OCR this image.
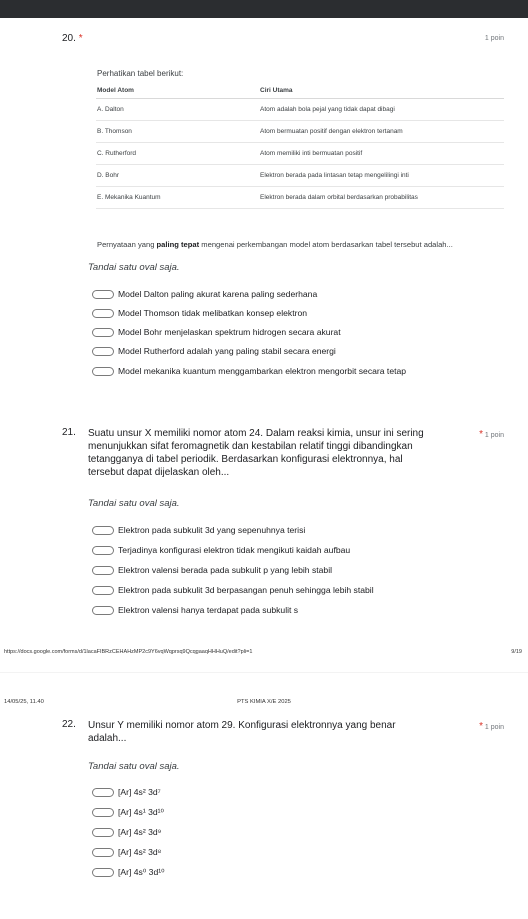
20. *	1 poin
Perhatikan tabel berikut:
Model Atom	Ciri Utama
A. Dalton	Atom adalah bola pejal yang tidak dapat dibagi
B. Thomson	Atom bermuatan positif dengan elektron tertanam
C. Rutherford	Atom memiliki inti bermuatan positif
D. Bohr	Elektron berada pada lintasan tetap mengelilingi inti
E. Mekanika Kuantum	Elektron berada dalam orbital berdasarkan probabilitas
Pernyataan yang paling tepat mengenai perkembangan model atom berdasarkan tabel tersebut adalah...
Tandai satu oval saja.
Model Dalton paling akurat karena paling sederhana
Model Thomson tidak melibatkan konsep elektron
Model Bohr menjelaskan spektrum hidrogen secara akurat
Model Rutherford adalah yang paling stabil secara energi
Model mekanika kuantum menggambarkan elektron mengorbit secara tetap
21. Suatu unsur X memiliki nomor atom 24. Dalam reaksi kimia, unsur ini sering
menunjukkan sifat feromagnetik dan kestabilan relatif tinggi dibandingkan
tetangganya di tabel periodik. Berdasarkan konfigurasi elektronnya, hal
tersebut dapat dijelaskan oleh...
* 1 poin
Tandai satu oval saja.
Elektron pada subkulit 3d yang sepenuhnya terisi
Terjadinya konfigurasi elektron tidak mengikuti kaidah aufbau
Elektron valensi berada pada subkulit p yang lebih stabil
Elektron pada subkulit 3d berpasangan penuh sehingga lebih stabil
Elektron valensi hanya terdapat pada subkulit s
https://docs.google.com/forms/d/1lacaFIBRzCEHAHzMP2c9Y6vqWqprsq9QcqgaaqHHHuQ/edit?pli=1	9/19
14/05/25, 11.40	PTS KIMIA X/E 2025
22. Unsur Y memiliki nomor atom 29. Konfigurasi elektronnya yang benar
adalah...
* 1 poin
Tandai satu oval saja.
[Ar] 4s² 3d⁷
[Ar] 4s¹ 3d¹⁰
[Ar] 4s² 3d⁹
[Ar] 4s² 3d⁸
[Ar] 4s⁰ 3d¹⁰
